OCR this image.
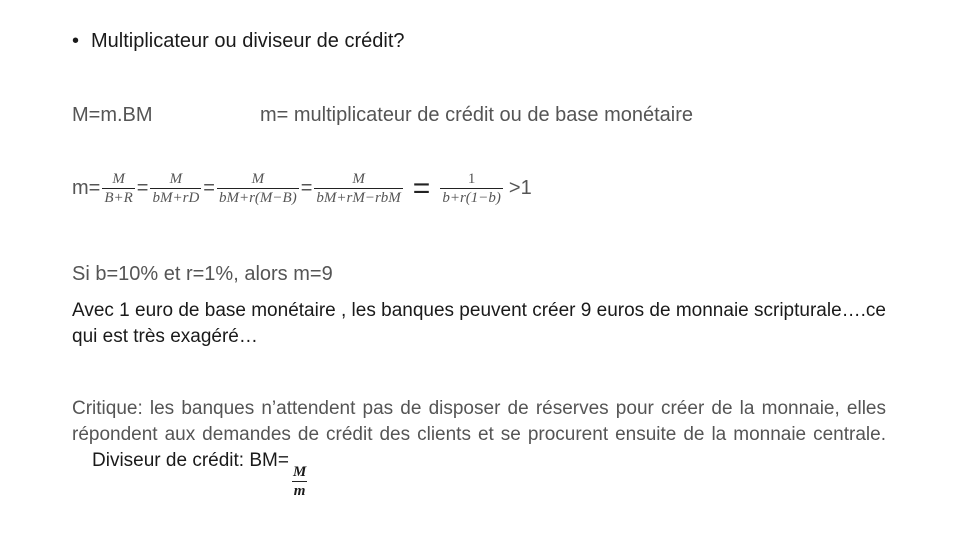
• Multiplicateur ou diviseur de crédit?
M=m.BM	m= multiplicateur de crédit ou de base monétaire
$m= \frac{M}{B+R} = \frac{M}{bM+rD} = \frac{M}{bM+r(M-B)} = \frac{M}{\text{bM+rM−rbM}} = \frac{1}{b+r(1-b)} >1$
Si b=10% et r=1%, alors m=9
Avec 1 euro de base monétaire , les banques peuvent créer 9 euros de monnaie scripturale….ce qui est très exagéré…
Critique: les banques n’attendent pas de disposer de réserves pour créer de la monnaie, elles répondent aux demandes de crédit des clients et se procurent ensuite de la monnaie centrale. Diviseur de crédit: BM=
$\frac{M}{m}$
